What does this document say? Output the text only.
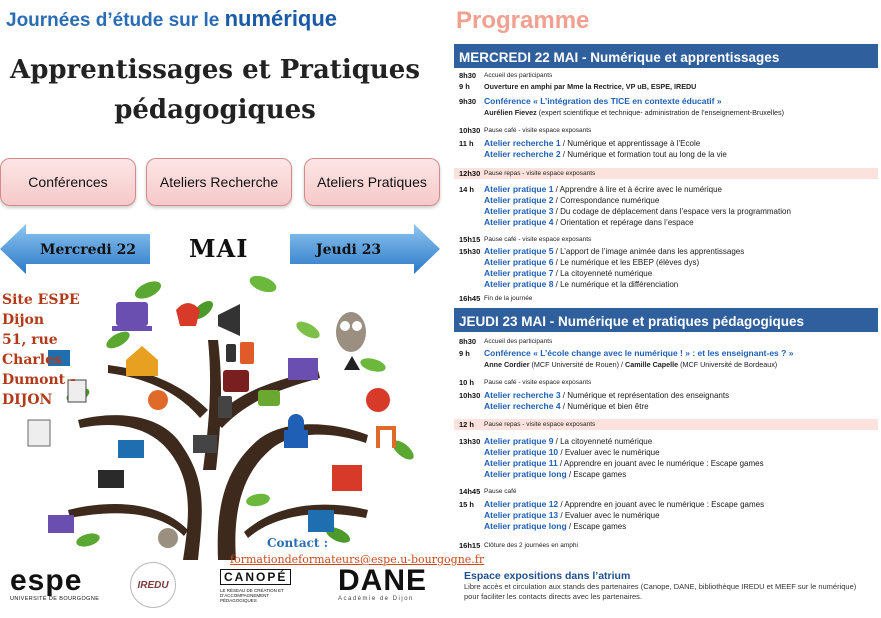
Journées d’étude sur le numérique
Apprentissages et Pratiques
pédagogiques
Conférences	Ateliers Recherche	Ateliers Pratiques
Mercredi 22 MAI	Jeudi 23
Site ESPE Dijon
51, rue Charles
Dumont -
DIJON
Contact :
formationdeformateurs@espe.u-bourgogne.fr
espe
UNIVERSITÉ DE BOURGOGNE
IREDU
CANOPÉ
LE RÉSEAU DE CRÉATION ET D’ACCOMPAGNEMENT PÉDAGOGIQUES
DANE
Académie de Dijon
Programme
MERCREDI 22 MAI - Numérique et apprentissages
8h30	Accueil des participants
9 h	Ouverture en amphi par Mme la Rectrice, VP uB, ESPE, IREDU
9h30 Conférence « L’intégration des TICE en contexte éducatif »
Aurélien Fievez (expert scientifique et technique- administration de l’enseignement-Bruxelles)
10h30 Pause café - visite espace exposants
11 h	Atelier recherche 1 / Numérique et apprentissage à l’Ecole
Atelier recherche 2 / Numérique et formation tout au long de la vie
12h30 Pause repas - visite espace exposants
14 h	Atelier pratique 1 / Apprendre à lire et à écrire avec le numérique
Atelier pratique 2 / Correspondance numérique
Atelier pratique 3 / Du codage de déplacement dans l’espace vers la programmation
Atelier pratique 4 / Orientation et repérage dans l’espace
15h15 Pause café - visite espace exposants
15h30 Atelier pratique 5 / L’apport de l’image animée dans les apprentissages
Atelier pratique 6 / Le numérique et les EBEP (élèves dys)
Atelier pratique 7 / La citoyenneté numérique
Atelier pratique 8 / Le numérique et la différenciation
16h45 Fin de la journée
JEUDI 23 MAI - Numérique et pratiques pédagogiques
8h30	Accueil des participants
9 h	Conférence « L’école change avec le numérique ! » : et les enseignant-es ? »
Anne Cordier (MCF Université de Rouen) / Camille Capelle (MCF Université de Bordeaux)
10 h	Pause café - visite espace exposants
10h30 Atelier recherche 3 / Numérique et représentation des enseignants
Atelier recherche 4 / Numérique et bien être
12 h	Pause repas - visite espace exposants
13h30 Atelier pratique 9 / La citoyenneté numérique
Atelier pratique 10 / Evaluer avec le numérique
Atelier pratique 11 / Apprendre en jouant avec le numérique : Escape games
Atelier pratique long / Escape games
14h45 Pause café
15 h	Atelier pratique 12 / Apprendre en jouant avec le numérique : Escape games
Atelier pratique 13 / Evaluer avec le numérique
Atelier pratique long / Escape games
16h15 Clôture des 2 journées en amphi
Espace expositions dans l’atrium
Libre accès et circulation aux stands des partenaires (Canope, DANE, bibliothèque IREDU et MEEF sur le numérique)
pour faciliter les contacts directs avec les partenaires.
